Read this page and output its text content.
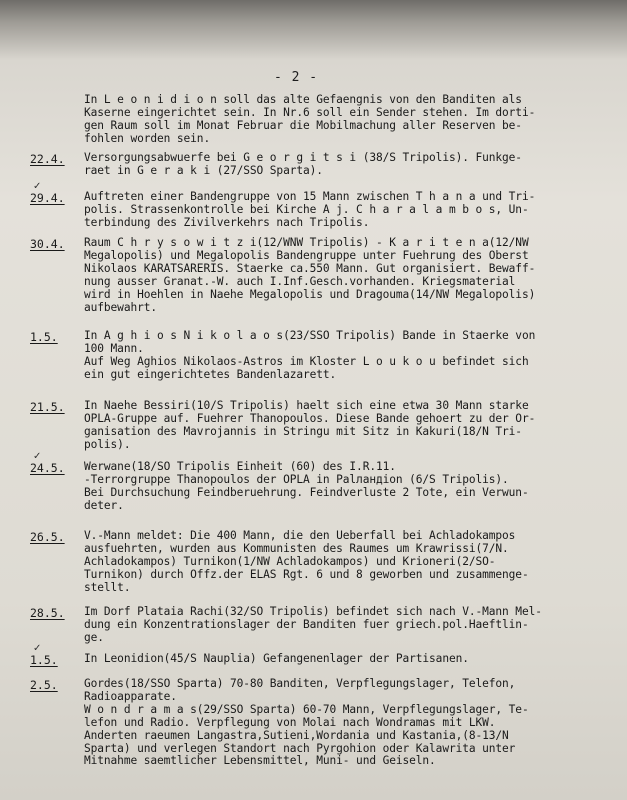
- 2 -
In L e o n i d i o n soll das alte Gefaengnis von den Banditen als
Kaserne eingerichtet sein. In Nr.6 soll ein Sender stehen. Im dorti-
gen Raum soll im Monat Februar die Mobilmachung aller Reserven be-
fohlen worden sein.
22.4. Versorgungsabwuerfe bei G e o r g i t s i (38/S Tripolis). Funkge-
raet in G e r a k i (27/SSO Sparta).
✓
29.4. Auftreten einer Bandengruppe von 15 Mann zwischen T h a n a und Tri-
polis. Strassenkontrolle bei Kirche A j. C h a r a l a m b o s, Un-
terbindung des Zivilverkehrs nach Tripolis.
30.4. Raum C h r y s o w i t z i(12/WNW Tripolis) - K a r i t e n a(12/NW
Megalopolis) und Megalopolis Bandengruppe unter Fuehrung des Oberst
Nikolaos KARATSARERIS. Staerke ca.550 Mann. Gut organisiert. Bewaff-
nung ausser Granat.-W. auch I.Inf.Gesch.vorhanden. Kriegsmaterial
wird in Hoehlen in Naehe Megalopolis und Dragouma(14/NW Megalopolis)
aufbewahrt.
1.5. In A g h i o s N i k o l a o s(23/SSO Tripolis) Bande in Staerke von
100 Mann.
Auf Weg Aghios Nikolaos-Astros im Kloster L o u k o u befindet sich
ein gut eingerichtetes Bandenlazarett.
21.5. In Naehe Bessiri(10/S Tripolis) haelt sich eine etwa 30 Mann starke
OPLA-Gruppe auf. Fuehrer Thanopoulos. Diese Bande gehoert zu der Or-
ganisation des Mavrojannis in Stringu mit Sitz in Kakuri(18/N Tri-
polis).
✓
24.5. Werwane(18/SO Tripolis Einheit (60) des I.R.11.
-Terrorgruppe Thanopoulos der OPLA in Palландion (6/S Tripolis).
Bei Durchsuchung Feindberuehrung. Feindverluste 2 Tote, ein Verwun-
deter.
26.5. V.-Mann meldet: Die 400 Mann, die den Ueberfall bei Achladokampos
ausfuehrten, wurden aus Kommunisten des Raumes um Krawrissi(7/N.
Achladokampos) Turnikon(1/NW Achladokampos) und Krioneri(2/SO-
Turnikon) durch Offz.der ELAS Rgt. 6 und 8 geworben und zusammenge-
stellt.
28.5. Im Dorf Plataia Rachi(32/SO Tripolis) befindet sich nach V.-Mann Mel-
dung ein Konzentrationslager der Banditen fuer griech.pol.Haeftlin-
ge.
✓
1.5. In Leonidion(45/S Nauplia) Gefangenenlager der Partisanen.
2.5. Gordes(18/SSO Sparta) 70-80 Banditen, Verpflegungslager, Telefon,
Radioapparate.
W o n d r a m a s(29/SSO Sparta) 60-70 Mann, Verpflegungslager, Te-
lefon und Radio. Verpflegung von Molai nach Wondramas mit LKW.
Anderten raeumen Langastra,Sutieni,Wordania und Kastania,(8-13/N
Sparta) und verlegen Standort nach Pyrgohion oder Kalawrita unter
Mitnahme saemtlicher Lebensmittel, Muni- und Geiseln.
